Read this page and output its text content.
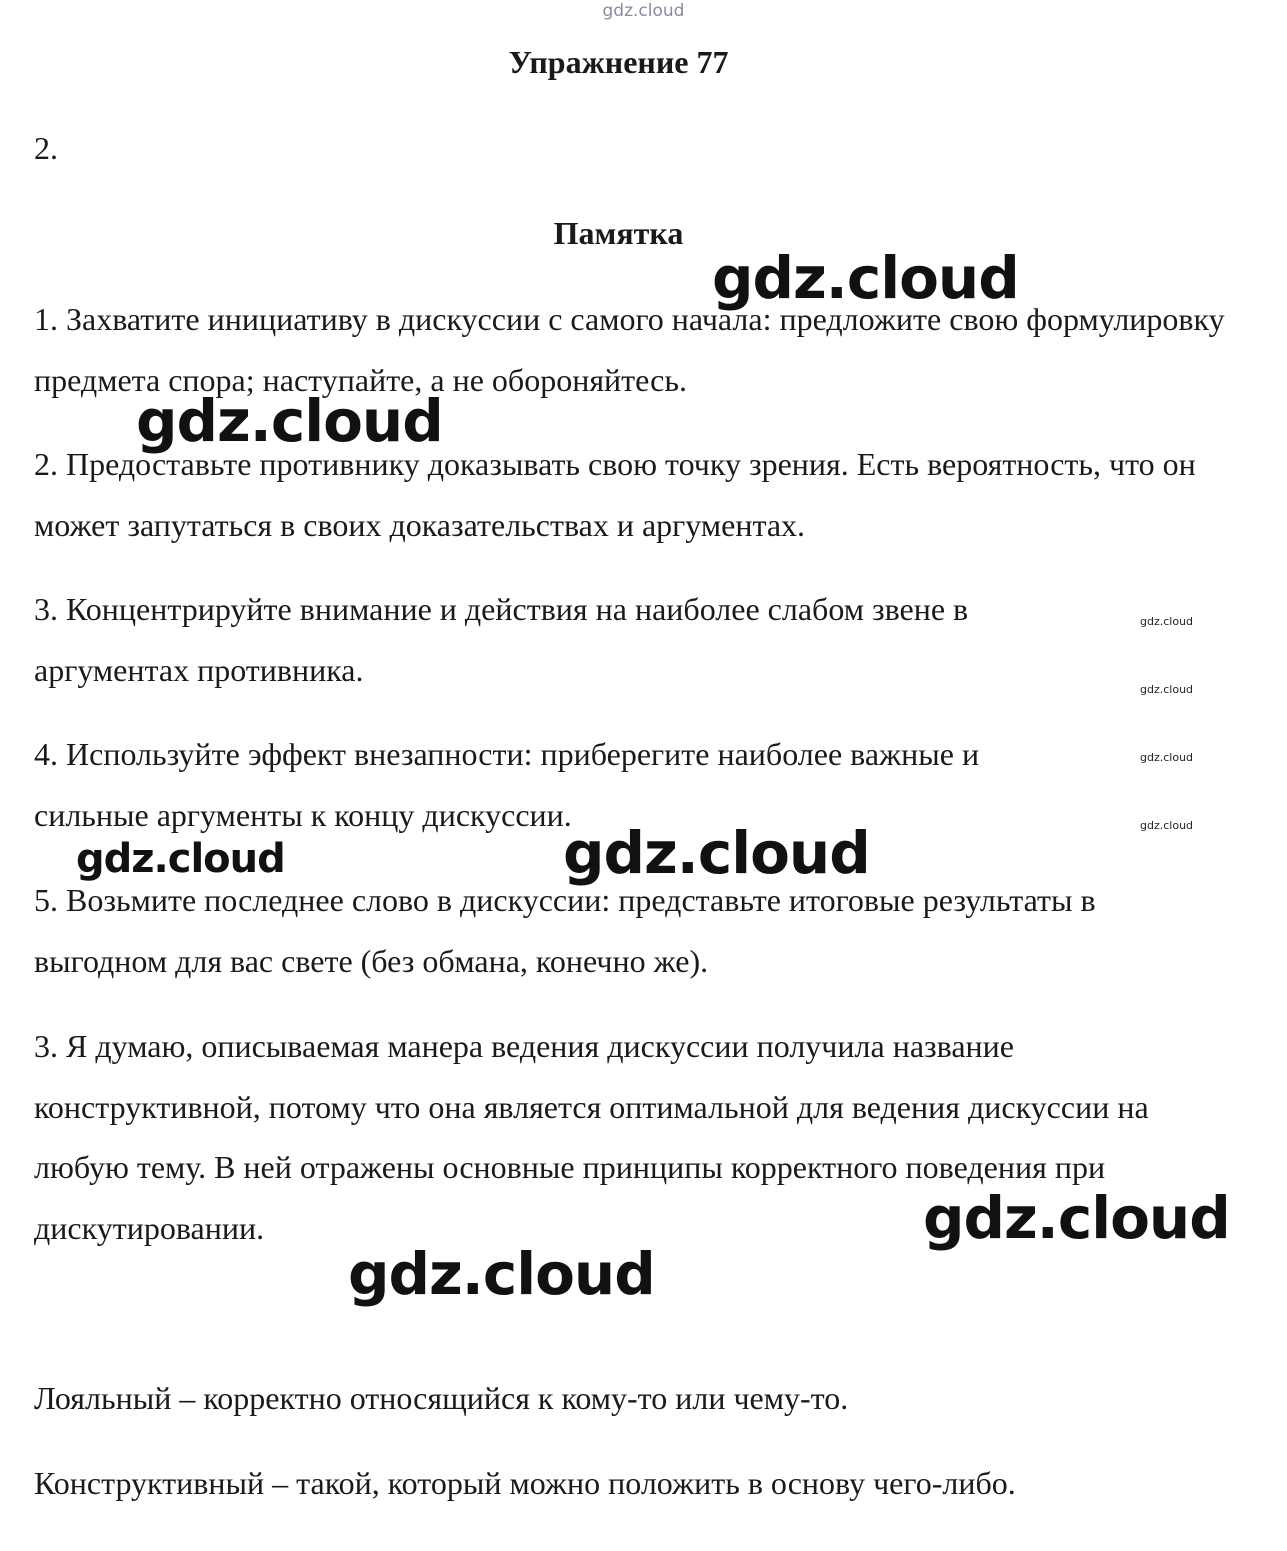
gdz.cloud
Упражнение 77
2.
Памятка

1. Захватите инициативу в дискуссии с самого начала: предложите свою формулировку предмета спора; наступайте, а не обороняйтесь.

2. Предоставьте противнику доказывать свою точку зрения. Есть вероятность, что он может запутаться в своих доказательствах и аргументах.

3. Концентрируйте внимание и действия на наиболее слабом звене в аргументах противника.

4. Используйте эффект внезапности: приберегите наиболее важные и сильные аргументы к концу дискуссии.

5. Возьмите последнее слово в дискуссии: представьте итоговые результаты в выгодном для вас свете (без обмана, конечно же).

3. Я думаю, описываемая манера ведения дискуссии получила название конструктивной, потому что она является оптимальной для ведения дискуссии на любую тему. В ней отражены основные принципы корректного поведения при дискутировании.

Лояльный – корректно относящийся к кому-то или чему-то.

Конструктивный – такой, который можно положить в основу чего-либо.

gdz.cloud
gdz.cloud
gdz.cloud	gdz.cloud
gdz.cloud
gdz.cloud
gdz.cloud
gdz.cloud
gdz.cloud
gdz.cloud
